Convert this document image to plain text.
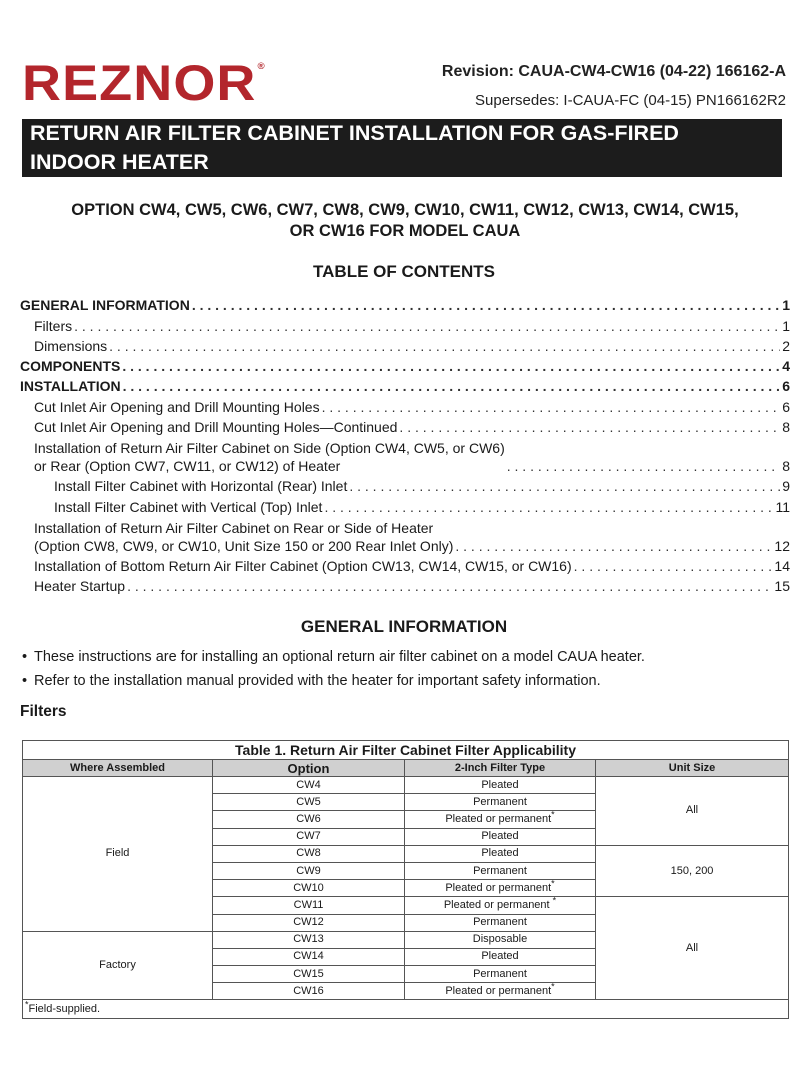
REZNOR®	Revision: CAUA-CW4-CW16 (04-22) 166162-A
Supersedes: I-CAUA-FC (04-15) PN166162R2
RETURN AIR FILTER CABINET INSTALLATION FOR GAS-FIRED
INDOOR HEATER
OPTION CW4, CW5, CW6, CW7, CW8, CW9, CW10, CW11, CW12, CW13, CW14, CW15,
OR CW16 FOR MODEL CAUA
TABLE OF CONTENTS
GENERAL INFORMATION . . .	1
Filters . . .	1
Dimensions . . .	2
COMPONENTS . . .	4
INSTALLATION . . .	6
Cut Inlet Air Opening and Drill Mounting Holes . . .	6
Cut Inlet Air Opening and Drill Mounting Holes—Continued . . .	8
Installation of Return Air Filter Cabinet on Side (Option CW4, CW5, or CW6)
or Rear (Option CW7, CW11, or CW12) of Heater . . .	8
Install Filter Cabinet with Horizontal (Rear) Inlet . . .	9
Install Filter Cabinet with Vertical (Top) Inlet . . .	11
Installation of Return Air Filter Cabinet on Rear or Side of Heater
(Option CW8, CW9, or CW10, Unit Size 150 or 200 Rear Inlet Only) . . .	12
Installation of Bottom Return Air Filter Cabinet (Option CW13, CW14, CW15, or CW16) . . .	14
Heater Startup . . .	15
GENERAL INFORMATION
• These instructions are for installing an optional return air filter cabinet on a model CAUA heater.
• Refer to the installation manual provided with the heater for important safety information.
Filters
Table 1. Return Air Filter Cabinet Filter Applicability			
Where Assembled	Option	2-Inch Filter Type	Unit Size
Field	CW4	Pleated	All
	CW5	Permanent	
	CW6	Pleated or permanent*
	CW7	Pleated	
	CW8	Pleated	150, 200
	CW9	Permanent	
	CW10	Pleated or permanent*
	CW11	Pleated or permanent *	All
	CW12	Permanent	
Factory	CW13	Disposable	
	CW14	Pleated	
	CW15	Permanent	
	CW16	Pleated or permanent*
*Field-supplied.			
